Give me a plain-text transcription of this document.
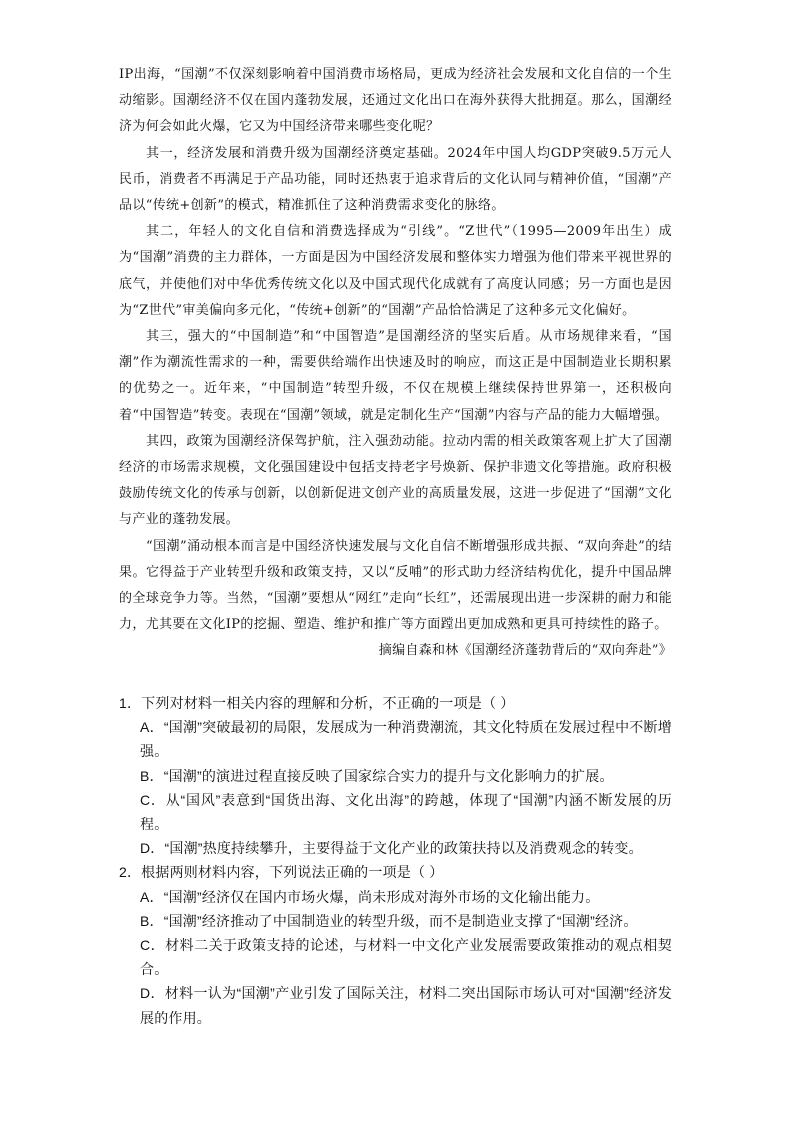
IP出海，“国潮”不仅深刻影响着中国消费市场格局，更成为经济社会发展和文化自信的一个生动缩影。国潮经济不仅在国内蓬勃发展，还通过文化出口在海外获得大批拥趸。那么，国潮经济为何会如此火爆，它又为中国经济带来哪些变化呢？

其一，经济发展和消费升级为国潮经济奠定基础。2024年中国人均GDP突破9.5万元人民币，消费者不再满足于产品功能，同时还热衷于追求背后的文化认同与精神价值，“国潮”产品以“传统+创新”的模式，精准抓住了这种消费需求变化的脉络。

其二，年轻人的文化自信和消费选择成为“引线”。“Z世代”（1995—2009年出生）成为“国潮”消费的主力群体，一方面是因为中国经济发展和整体实力增强为他们带来平视世界的底气，并使他们对中华优秀传统文化以及中国式现代化成就有了高度认同感；另一方面也是因为“Z世代”审美偏向多元化，“传统+创新”的“国潮”产品恰恰满足了这种多元文化偏好。

其三，强大的“中国制造”和“中国智造”是国潮经济的坚实后盾。从市场规律来看，“国潮”作为潮流性需求的一种，需要供给端作出快速及时的响应，而这正是中国制造业长期积累的优势之一。近年来，“中国制造”转型升级，不仅在规模上继续保持世界第一，还积极向着“中国智造”转变。表现在“国潮”领域，就是定制化生产“国潮”内容与产品的能力大幅增强。

其四，政策为国潮经济保驾护航，注入强劲动能。拉动内需的相关政策客观上扩大了国潮经济的市场需求规模，文化强国建设中包括支持老字号焕新、保护非遗文化等措施。政府积极鼓励传统文化的传承与创新，以创新促进文创产业的高质量发展，这进一步促进了“国潮”文化与产业的蓬勃发展。

“国潮”涌动根本而言是中国经济快速发展与文化自信不断增强形成共振、“双向奔赴”的结果。它得益于产业转型升级和政策支持，又以“反哺”的形式助力经济结构优化，提升中国品牌的全球竞争力等。当然，“国潮”要想从“网红”走向“长红”，还需展现出进一步深耕的耐力和能力，尤其要在文化IP的挖掘、塑造、维护和推广等方面蹚出更加成熟和更具可持续性的路子。

摘编自森和林《国潮经济蓬勃背后的“双向奔赴”》

1．下列对材料一相关内容的理解和分析，不正确的一项是（ ）

A．“国潮”突破最初的局限，发展成为一种消费潮流，其文化特质在发展过程中不断增强。

B．“国潮”的演进过程直接反映了国家综合实力的提升与文化影响力的扩展。

C．从“国风”表意到“国货出海、文化出海”的跨越，体现了“国潮”内涵不断发展的历程。

D．“国潮”热度持续攀升，主要得益于文化产业的政策扶持以及消费观念的转变。

2．根据两则材料内容，下列说法正确的一项是（ ）

A．“国潮”经济仅在国内市场火爆，尚未形成对海外市场的文化输出能力。

B．“国潮”经济推动了中国制造业的转型升级，而不是制造业支撑了“国潮”经济。

C．材料二关于政策支持的论述，与材料一中文化产业发展需要政策推动的观点相契合。

D．材料一认为“国潮”产业引发了国际关注，材料二突出国际市场认可对“国潮”经济发展的作用。
